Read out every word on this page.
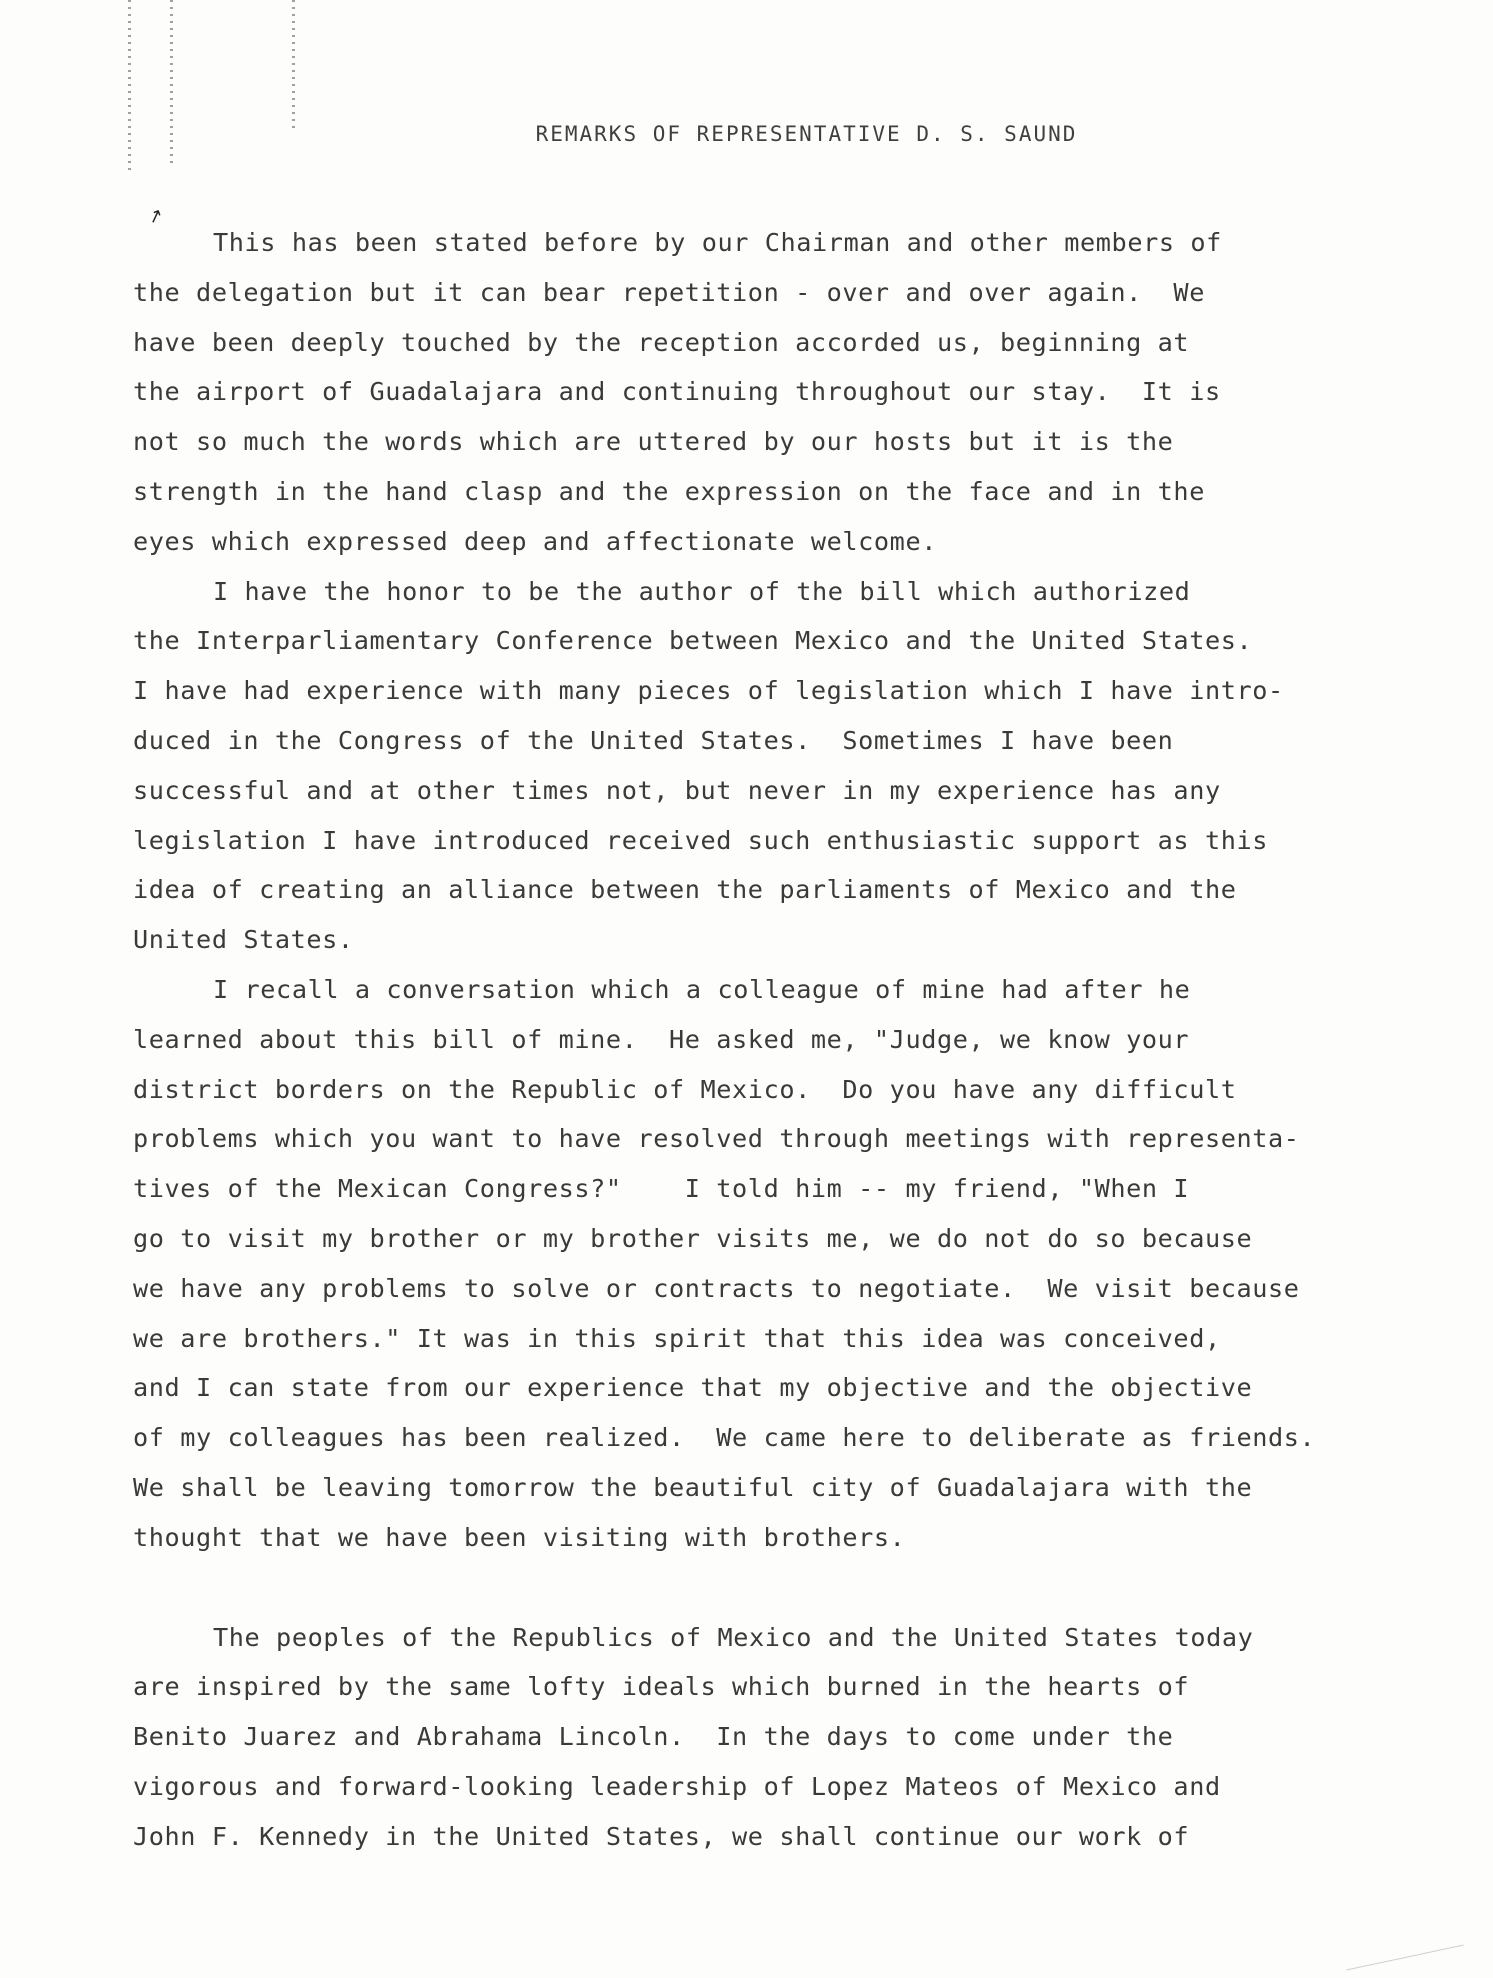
↗
REMARKS OF REPRESENTATIVE D. S. SAUND
This has been stated before by our Chairman and other members of
the delegation but it can bear repetition - over and over again.  We
have been deeply touched by the reception accorded us, beginning at
the airport of Guadalajara and continuing throughout our stay.  It is
not so much the words which are uttered by our hosts but it is the
strength in the hand clasp and the expression on the face and in the
eyes which expressed deep and affectionate welcome.
I have the honor to be the author of the bill which authorized
the Interparliamentary Conference between Mexico and the United States.
I have had experience with many pieces of legislation which I have intro-
duced in the Congress of the United States.  Sometimes I have been
successful and at other times not, but never in my experience has any
legislation I have introduced received such enthusiastic support as this
idea of creating an alliance between the parliaments of Mexico and the
United States.
I recall a conversation which a colleague of mine had after he
learned about this bill of mine.  He asked me, "Judge, we know your
district borders on the Republic of Mexico.  Do you have any difficult
problems which you want to have resolved through meetings with representa-
tives of the Mexican Congress?"    I told him -- my friend, "When I
go to visit my brother or my brother visits me, we do not do so because
we have any problems to solve or contracts to negotiate.  We visit because
we are brothers." It was in this spirit that this idea was conceived,
and I can state from our experience that my objective and the objective
of my colleagues has been realized.  We came here to deliberate as friends.
We shall be leaving tomorrow the beautiful city of Guadalajara with the
thought that we have been visiting with brothers.
The peoples of the Republics of Mexico and the United States today
are inspired by the same lofty ideals which burned in the hearts of
Benito Juarez and Abrahama Lincoln.  In the days to come under the
vigorous and forward-looking leadership of Lopez Mateos of Mexico and
John F. Kennedy in the United States, we shall continue our work of
